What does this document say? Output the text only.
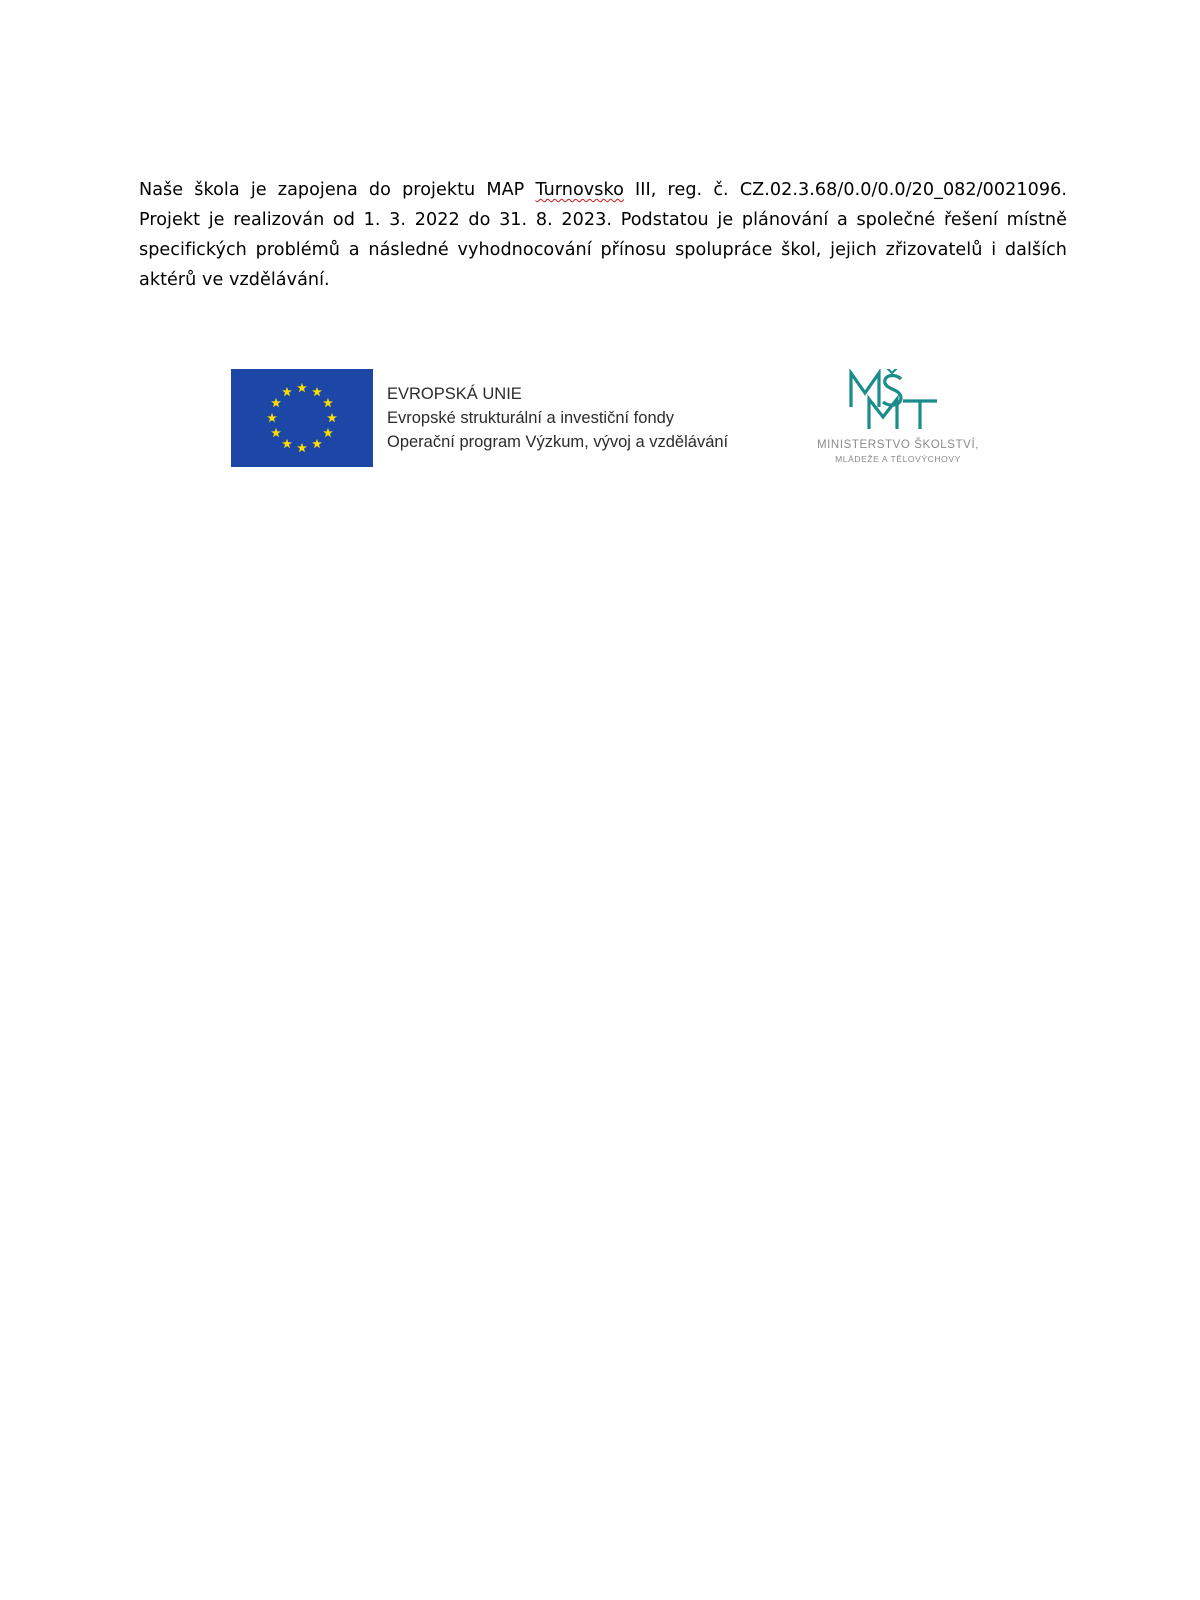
Naše škola je zapojena do projektu MAP Turnovsko III, reg. č. CZ.02.3.68/0.0/0.0/20_082/0021096. Projekt je realizován od 1. 3. 2022 do 31. 8. 2023. Podstatou je plánování a společné řešení místně specifických problémů a následné vyhodnocování přínosu spolupráce škol, jejich zřizovatelů i dalších aktérů ve vzdělávání.

EVROPSKÁ UNIE
Evropské strukturální a investiční fondy
Operační program Výzkum, vývoj a vzdělávání	MINISTERSTVO ŠKOLSTVÍ,
MLÁDEŽE A TĚLOVÝCHOVY
